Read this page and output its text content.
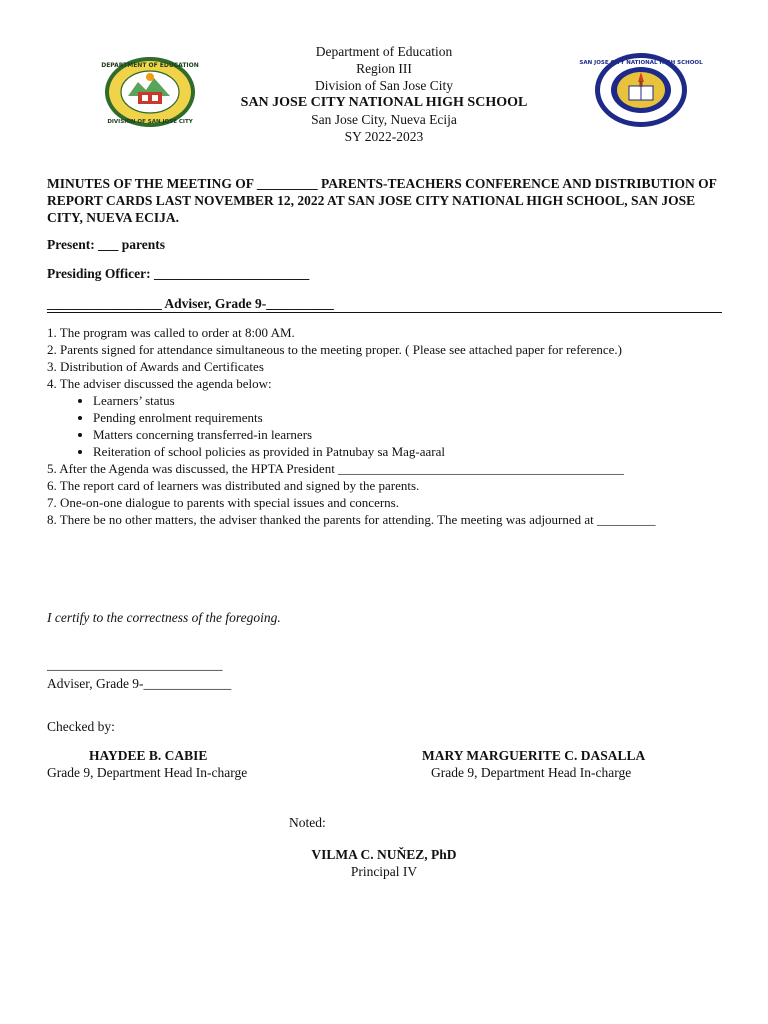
DEPARTMENT OF EDUCATION
DIVISION OF SAN JOSE CITY
SAN JOSE CITY NATIONAL HIGH SCHOOL
Department of Education
Region III
Division of San Jose City
SAN JOSE CITY NATIONAL HIGH SCHOOL
San Jose City, Nueva Ecija
SY 2022-2023
MINUTES OF THE MEETING OF _________ PARENTS-TEACHERS CONFERENCE AND DISTRIBUTION OF REPORT CARDS LAST NOVEMBER 12, 2022 AT SAN JOSE CITY NATIONAL HIGH SCHOOL, SAN JOSE CITY, NUEVA ECIJA.
Present: ___ parents
Presiding Officer: _______________________
_________________ Adviser, Grade 9-__________

1. The program was called to order at 8:00 AM.

2. Parents signed for attendance simultaneous to the meeting proper. ( Please see attached paper for reference.)

3. Distribution of Awards and Certificates

4. The adviser discussed the agenda below:

• Learners’ status
• Pending enrolment requirements
• Matters concerning transferred-in learners
• Reiteration of school policies as provided in Patnubay sa Mag-aaral

5. After the Agenda was discussed, the HPTA President ____________________________________________

6. The report card of learners was distributed and signed by the parents.

7. One-on-one dialogue to parents with special issues and concerns.

8. There be no other matters, the adviser thanked the parents for attending. The meeting was adjourned at _________

I certify to the correctness of the foregoing.
__________________________
Adviser, Grade 9-_____________
Checked by:
HAYDEE B. CABIE
Grade 9, Department Head In-charge
MARY MARGUERITE C. DASALLA
Grade 9, Department Head In-charge
Noted:
VILMA C. NUŇEZ, PhD
Principal IV
